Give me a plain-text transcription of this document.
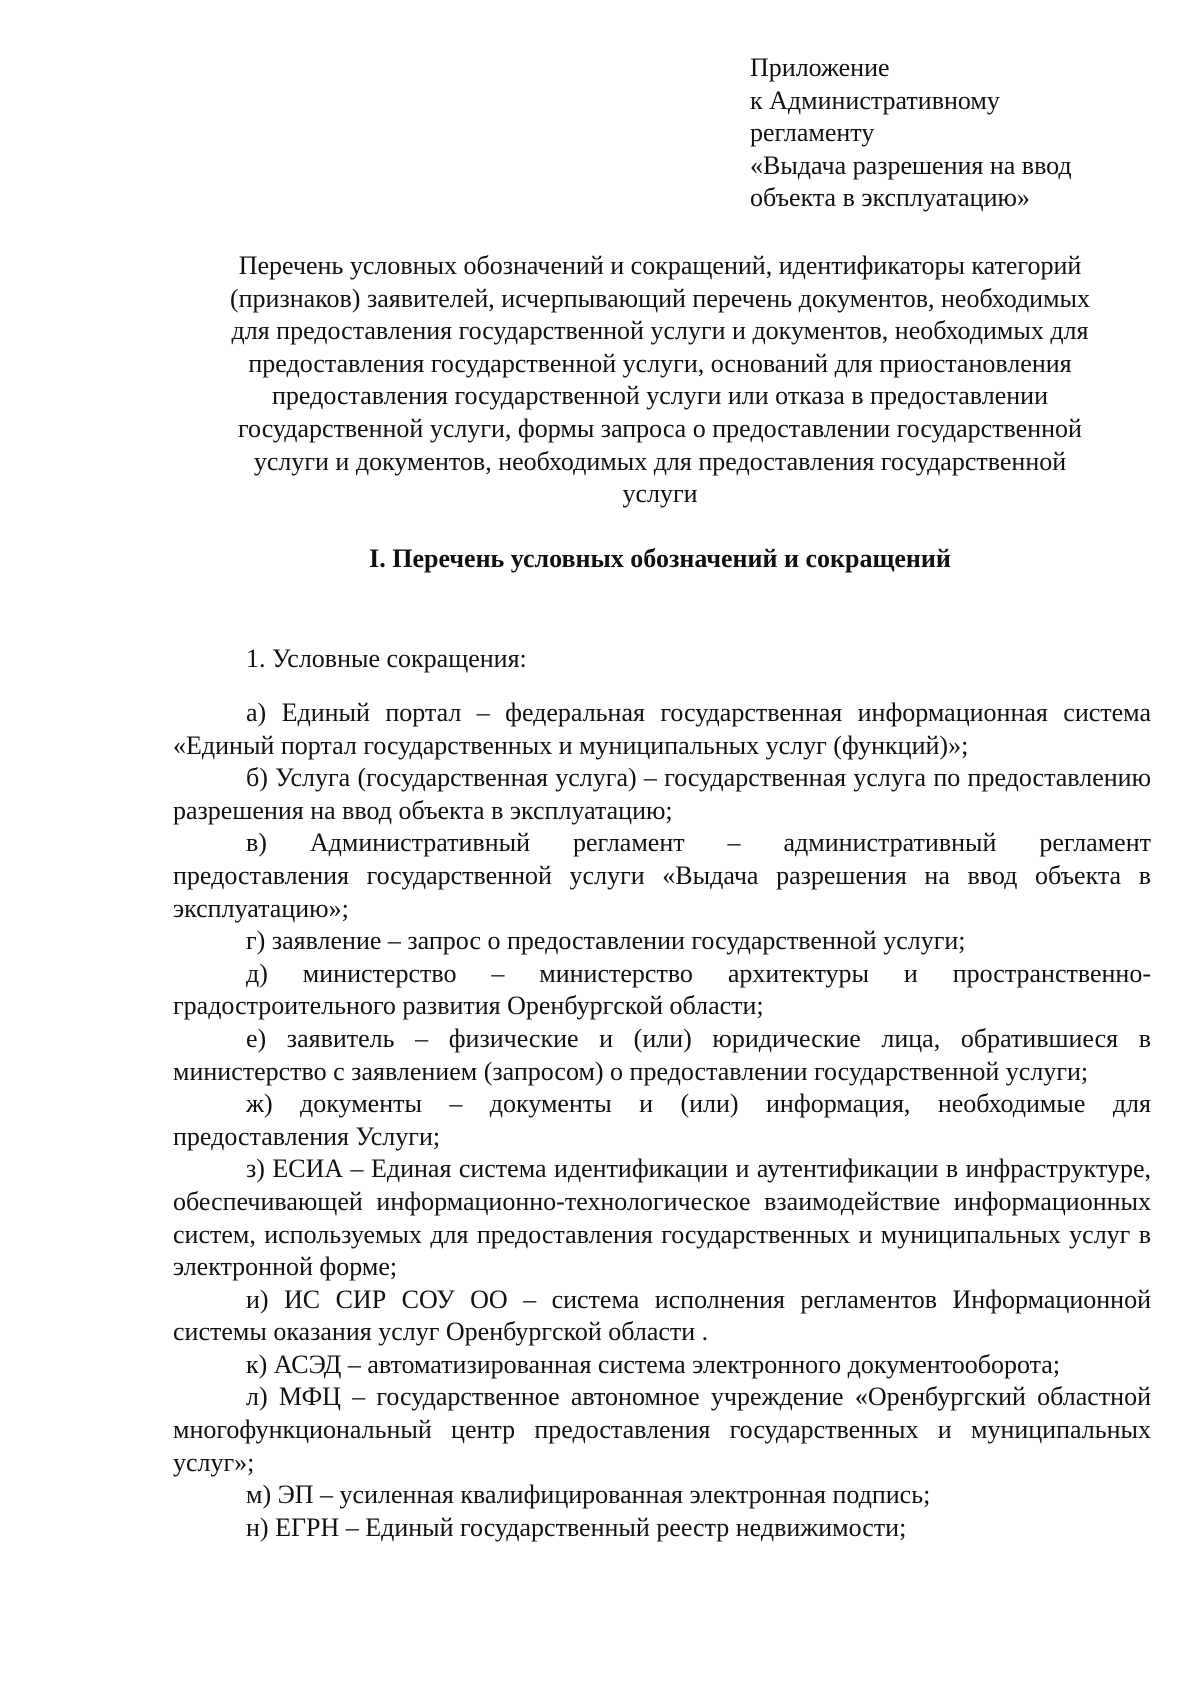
Приложение
к Административному
регламенту
«Выдача разрешения на ввод
объекта в эксплуатацию»
Перечень условных обозначений и сокращений, идентификаторы категорий
(признаков) заявителей, исчерпывающий перечень документов, необходимых
для предоставления государственной услуги и документов, необходимых для
предоставления государственной услуги, оснований для приостановления
предоставления государственной услуги или отказа в предоставлении
государственной услуги, формы запроса о предоставлении государственной
услуги и документов, необходимых для предоставления государственной
услуги
I. Перечень условных обозначений и сокращений
1. Условные сокращения:

а) Единый портал – федеральная государственная информационная система «Единый портал государственных и муниципальных услуг (функций)»;

б) Услуга (государственная услуга) – государственная услуга по предоставлению разрешения на ввод объекта в эксплуатацию;

в) Административный регламент – административный регламент предоставления государственной услуги «Выдача разрешения на ввод объекта в эксплуатацию»;

г) заявление – запрос о предоставлении государственной услуги;

д) министерство – министерство архитектуры и пространственно-градостроительного развития Оренбургской области;

е) заявитель – физические и (или) юридические лица, обратившиеся в министерство с заявлением (запросом) о предоставлении государственной услуги;

ж) документы – документы и (или) информация, необходимые для предоставления Услуги;

з) ЕСИА – Единая система идентификации и аутентификации в инфраструктуре, обеспечивающей информационно-технологическое взаимодействие информационных систем, используемых для предоставления государственных и муниципальных услуг в электронной форме;

и) ИС СИР СОУ ОО – система исполнения регламентов Информационной системы оказания услуг Оренбургской области .

к) АСЭД – автоматизированная система электронного документооборота;

л) МФЦ – государственное автономное учреждение «Оренбургский областной многофункциональный центр предоставления государственных и муниципальных услуг»;

м) ЭП – усиленная квалифицированная электронная подпись;

н) ЕГРН – Единый государственный реестр недвижимости;
